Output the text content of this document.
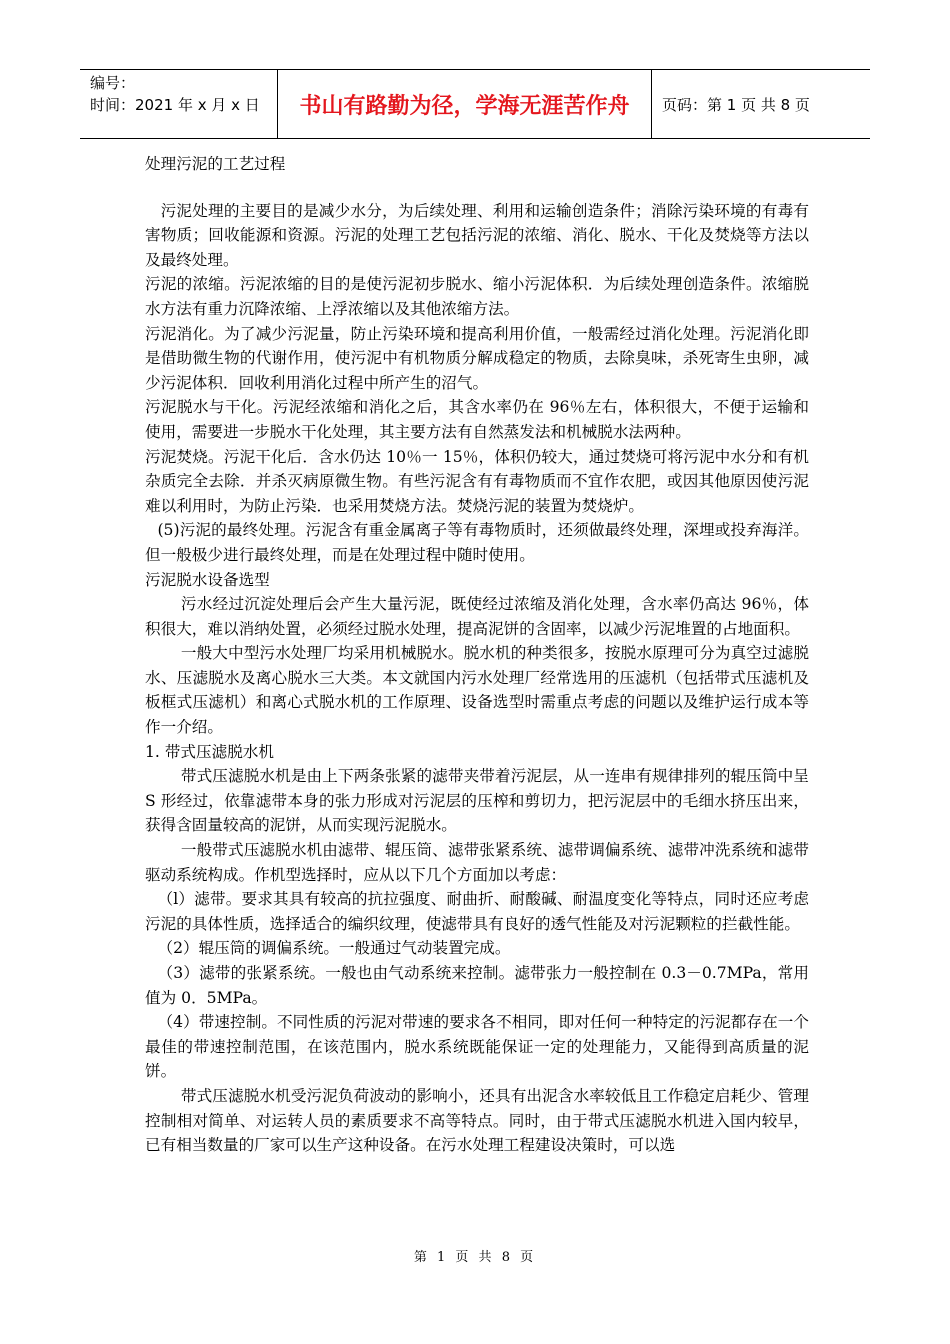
编号：
时间：2021 年 x 月 x 日	书山有路勤为径，学海无涯苦作舟	页码：第 1 页 共 8 页

处理污泥的工艺过程

污泥处理的主要目的是减少水分，为后续处理、利用和运输创造条件；消除污染环境的有毒有害物质；回收能源和资源。污泥的处理工艺包括污泥的浓缩、消化、脱水、干化及焚烧等方法以及最终处理。

污泥的浓缩。污泥浓缩的目的是使污泥初步脱水、缩小污泥体积．为后续处理创造条件。浓缩脱水方法有重力沉降浓缩、上浮浓缩以及其他浓缩方法。

污泥消化。为了减少污泥量，防止污染环境和提高利用价值，一般需经过消化处理。污泥消化即是借助微生物的代谢作用，使污泥中有机物质分解成稳定的物质，去除臭味，杀死寄生虫卵，减少污泥体积．回收利用消化过程中所产生的沼气。

污泥脱水与干化。污泥经浓缩和消化之后，其含水率仍在 96％左右，体积很大，不便于运输和使用，需要进一步脱水干化处理，其主要方法有自然蒸发法和机械脱水法两种。

污泥焚烧。污泥干化后．含水仍达 10％一 15％，体积仍较大，通过焚烧可将污泥中水分和有机杂质完全去除．并杀灭病原微生物。有些污泥含有有毒物质而不宜作农肥，或因其他原因使污泥难以利用时，为防止污染．也采用焚烧方法。焚烧污泥的装置为焚烧炉。

(5)污泥的最终处理。污泥含有重金属离子等有毒物质时，还须做最终处理，深埋或投弃海洋。但一般极少进行最终处理，而是在处理过程中随时使用。

污泥脱水设备选型

污水经过沉淀处理后会产生大量污泥，既使经过浓缩及消化处理，含水率仍高达 96％，体积很大，难以消纳处置，必须经过脱水处理，提高泥饼的含固率，以减少污泥堆置的占地面积。

一般大中型污水处理厂均采用机械脱水。脱水机的种类很多，按脱水原理可分为真空过滤脱水、压滤脱水及离心脱水三大类。本文就国内污水处理厂经常选用的压滤机（包括带式压滤机及板框式压滤机）和离心式脱水机的工作原理、设备选型时需重点考虑的问题以及维护运行成本等作一介绍。

1. 带式压滤脱水机

带式压滤脱水机是由上下两条张紧的滤带夹带着污泥层，从一连串有规律排列的辊压筒中呈 S 形经过，依靠滤带本身的张力形成对污泥层的压榨和剪切力，把污泥层中的毛细水挤压出来，获得含固量较高的泥饼，从而实现污泥脱水。

一般带式压滤脱水机由滤带、辊压筒、滤带张紧系统、滤带调偏系统、滤带冲洗系统和滤带驱动系统构成。作机型选择时，应从以下几个方面加以考虑：

（l）滤带。要求其具有较高的抗拉强度、耐曲折、耐酸碱、耐温度变化等特点，同时还应考虑污泥的具体性质，选择适合的编织纹理，使滤带具有良好的透气性能及对污泥颗粒的拦截性能。

（2）辊压筒的调偏系统。一般通过气动装置完成。

（3）滤带的张紧系统。一般也由气动系统来控制。滤带张力一般控制在 0.3－0.7MPa，常用值为 0．5MPa。

（4）带速控制。不同性质的污泥对带速的要求各不相同，即对任何一种特定的污泥都存在一个最佳的带速控制范围，在该范围内，脱水系统既能保证一定的处理能力，又能得到高质量的泥饼。

带式压滤脱水机受污泥负荷波动的影响小，还具有出泥含水率较低且工作稳定启耗少、管理控制相对简单、对运转人员的素质要求不高等特点。同时，由于带式压滤脱水机进入国内较早，已有相当数量的厂家可以生产这种设备。在污水处理工程建设决策时，可以选

第 1 页 共 8 页
